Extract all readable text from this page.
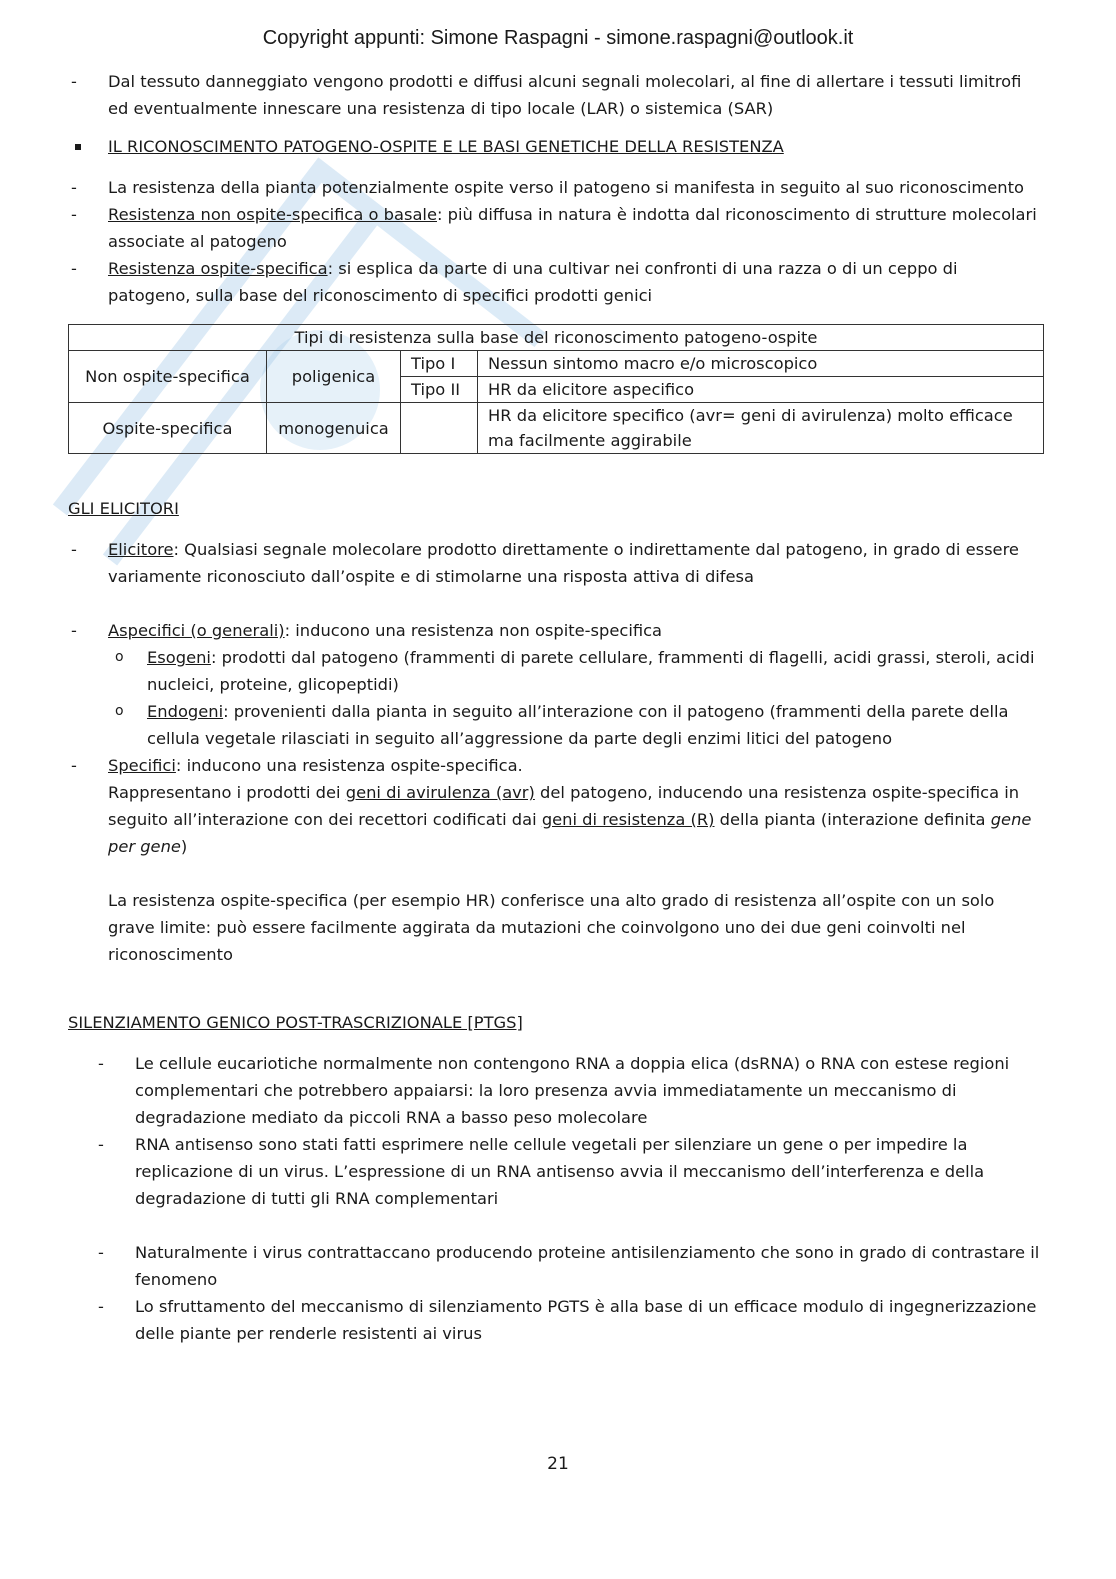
Copyright appunti: Simone Raspagni - simone.raspagni@outlook.it
- Dal tessuto danneggiato vengono prodotti e diffusi alcuni segnali molecolari, al fine di allertare i tessuti limitrofi ed eventualmente innescare una resistenza di tipo locale (LAR) o sistemica (SAR)
IL RICONOSCIMENTO PATOGENO-OSPITE E LE BASI GENETICHE DELLA RESISTENZA
- La resistenza della pianta potenzialmente ospite verso il patogeno si manifesta in seguito al suo riconoscimento
- Resistenza non ospite-specifica o basale: più diffusa in natura è indotta dal riconoscimento di strutture molecolari associate al patogeno
- Resistenza ospite-specifica: si esplica da parte di una cultivar nei confronti di una razza o di un ceppo di patogeno, sulla base del riconoscimento di specifici prodotti genici
Tipi di resistenza sulla base del riconoscimento patogeno-ospite			
Non ospite-specifica	poligenica	Tipo I	Nessun sintomo macro e/o microscopico
		Tipo II	HR da elicitore aspecifico
Ospite-specifica	monogenuica		HR da elicitore specifico (avr= geni di avirulenza) molto efficace ma facilmente aggirabile
GLI ELICITORI
- Elicitore: Qualsiasi segnale molecolare prodotto direttamente o indirettamente dal patogeno, in grado di essere variamente riconosciuto dall’ospite e di stimolarne una risposta attiva di difesa
- Aspecifici (o generali): inducono una resistenza non ospite-specifica
o Esogeni: prodotti dal patogeno (frammenti di parete cellulare, frammenti di flagelli, acidi grassi, steroli, acidi nucleici, proteine, glicopeptidi)
o Endogeni: provenienti dalla pianta in seguito all’interazione con il patogeno (frammenti della parete della cellula vegetale rilasciati in seguito all’aggressione da parte degli enzimi litici del patogeno
- Specifici: inducono una resistenza ospite-specifica.
Rappresentano i prodotti dei geni di avirulenza (avr) del patogeno, inducendo una resistenza ospite-specifica in seguito all’interazione con dei recettori codificati dai geni di resistenza (R) della pianta (interazione definita gene per gene)
La resistenza ospite-specifica (per esempio HR) conferisce una alto grado di resistenza all’ospite con un solo grave limite: può essere facilmente aggirata da mutazioni che coinvolgono uno dei due geni coinvolti nel riconoscimento
SILENZIAMENTO GENICO POST-TRASCRIZIONALE [PTGS]
- Le cellule eucariotiche normalmente non contengono RNA a doppia elica (dsRNA) o RNA con estese regioni complementari che potrebbero appaiarsi: la loro presenza avvia immediatamente un meccanismo di degradazione mediato da piccoli RNA a basso peso molecolare
- RNA antisenso sono stati fatti esprimere nelle cellule vegetali per silenziare un gene o per impedire la replicazione di un virus. L’espressione di un RNA antisenso avvia il meccanismo dell’interferenza e della degradazione di tutti gli RNA complementari
- Naturalmente i virus contrattaccano producendo proteine antisilenziamento che sono in grado di contrastare il fenomeno
- Lo sfruttamento del meccanismo di silenziamento PGTS è alla base di un efficace modulo di ingegnerizzazione delle piante per renderle resistenti ai virus
21
